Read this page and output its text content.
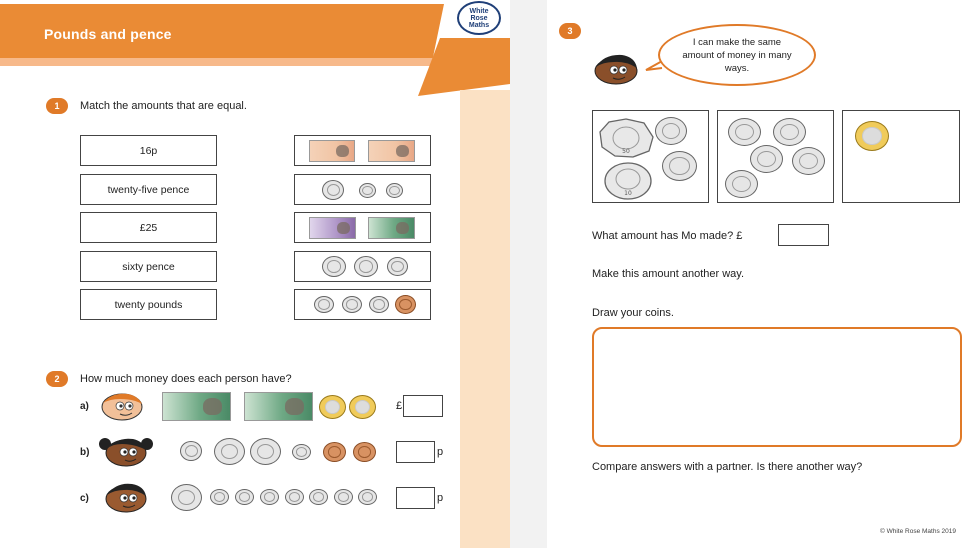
Pounds and pence
White
Rose
Maths
1	Match the amounts that are equal.
16p
twenty-five pence
£25
sixty pence
twenty pounds
2	How much money does each person have?
a)	£
b)	p
c)	p
3
I can make the same amount of money in many ways.
50
10
What amount has Mo made? £
Make this amount another way.
Draw your coins.
Compare answers with a partner. Is there another way?
© White Rose Maths 2019
